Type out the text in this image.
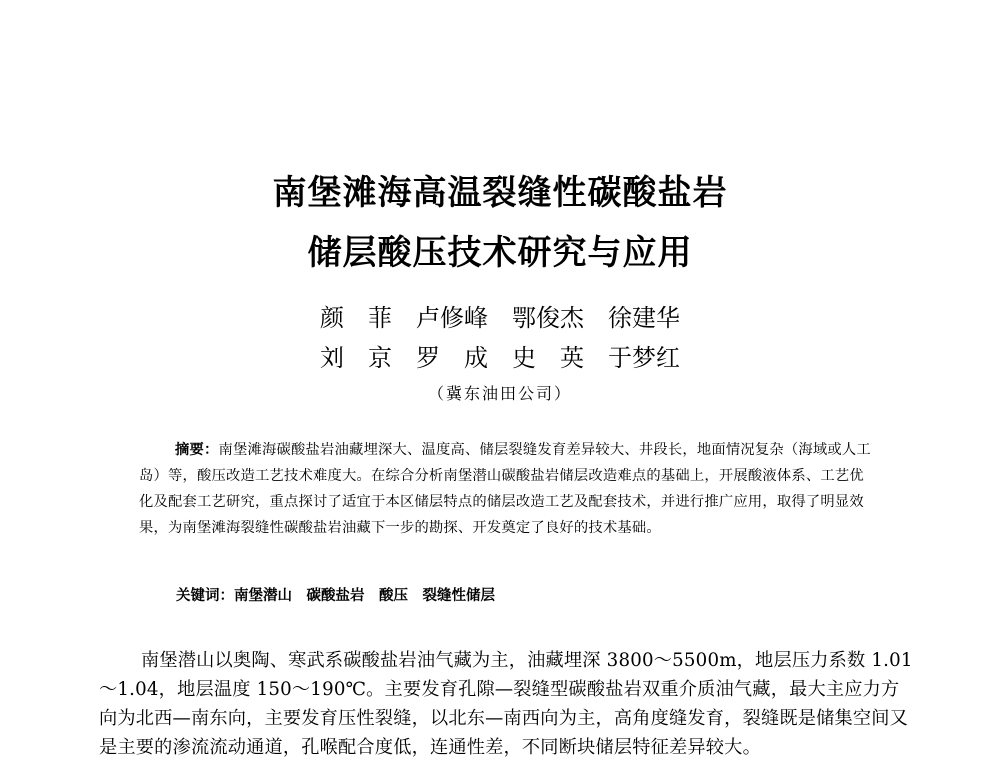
南堡滩海高温裂缝性碳酸盐岩
储层酸压技术研究与应用
颜　菲　卢修峰　鄂俊杰　徐建华
刘　京　罗　成　史　英　于梦红
（冀东油田公司）

摘要：南堡滩海碳酸盐岩油藏埋深大、温度高、储层裂缝发育差异较大、井段长，地面情况复杂（海域或人工岛）等，酸压改造工艺技术难度大。在综合分析南堡潜山碳酸盐岩储层改造难点的基础上，开展酸液体系、工艺优化及配套工艺研究，重点探讨了适宜于本区储层特点的储层改造工艺及配套技术，并进行推广应用，取得了明显效果，为南堡滩海裂缝性碳酸盐岩油藏下一步的勘探、开发奠定了良好的技术基础。

关键词：南堡潜山　碳酸盐岩　酸压　裂缝性储层

南堡潜山以奥陶、寒武系碳酸盐岩油气藏为主，油藏埋深 3800～5500m，地层压力系数 1.01～1.04，地层温度 150～190℃。主要发育孔隙—裂缝型碳酸盐岩双重介质油气藏，最大主应力方向为北西—南东向，主要发育压性裂缝，以北东—南西向为主，高角度缝发育，裂缝既是储集空间又是主要的渗流流动通道，孔喉配合度低，连通性差，不同断块储层特征差异较大。
